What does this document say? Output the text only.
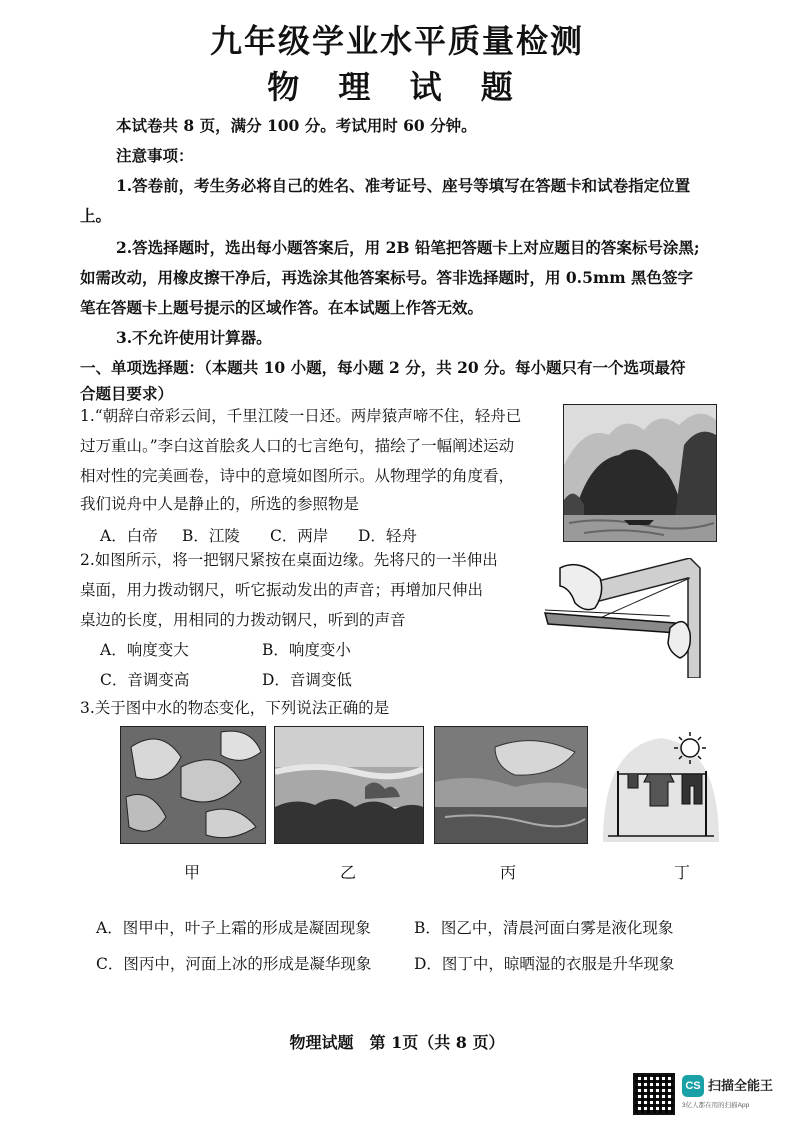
九年级学业水平质量检测
物 理 试 题
本试卷共 8 页，满分 100 分。考试用时 60 分钟。
注意事项：
1.答卷前，考生务必将自己的姓名、准考证号、座号等填写在答题卡和试卷指定位置
上。
2.答选择题时，选出每小题答案后，用 2B 铅笔把答题卡上对应题目的答案标号涂黑;
如需改动，用橡皮擦干净后，再选涂其他答案标号。答非选择题时，用 0.5mm 黑色签字
笔在答题卡上题号提示的区域作答。在本试题上作答无效。
3.不允许使用计算器。
一、单项选择题：（本题共 10 小题，每小题 2 分，共 20 分。每小题只有一个选项最符
合题目要求）
1.“朝辞白帝彩云间，千里江陵一日还。两岸猿声啼不住，轻舟已
过万重山。”李白这首脍炙人口的七言绝句，描绘了一幅阐述运动
相对性的完美画卷，诗中的意境如图所示。从物理学的角度看，
我们说舟中人是静止的，所选的参照物是
A．白帝 B．江陵 C．两岸 D．轻舟
2.如图所示，将一把钢尺紧按在桌面边缘。先将尺的一半伸出
桌面，用力拨动钢尺，听它振动发出的声音；再增加尺伸出
桌边的长度，用相同的力拨动钢尺，听到的声音
A．响度变大	B．响度变小
C．音调变高	D．音调变低
3.关于图中水的物态变化，下列说法正确的是
甲	乙	丙	丁
A．图甲中，叶子上霜的形成是凝固现象	B．图乙中，清晨河面白雾是液化现象
C．图丙中，河面上冰的形成是凝华现象	D．图丁中，晾晒湿的衣服是升华现象
物理试题　第 1页（共 8 页）
CS 扫描全能王
3亿人都在用的扫描App
